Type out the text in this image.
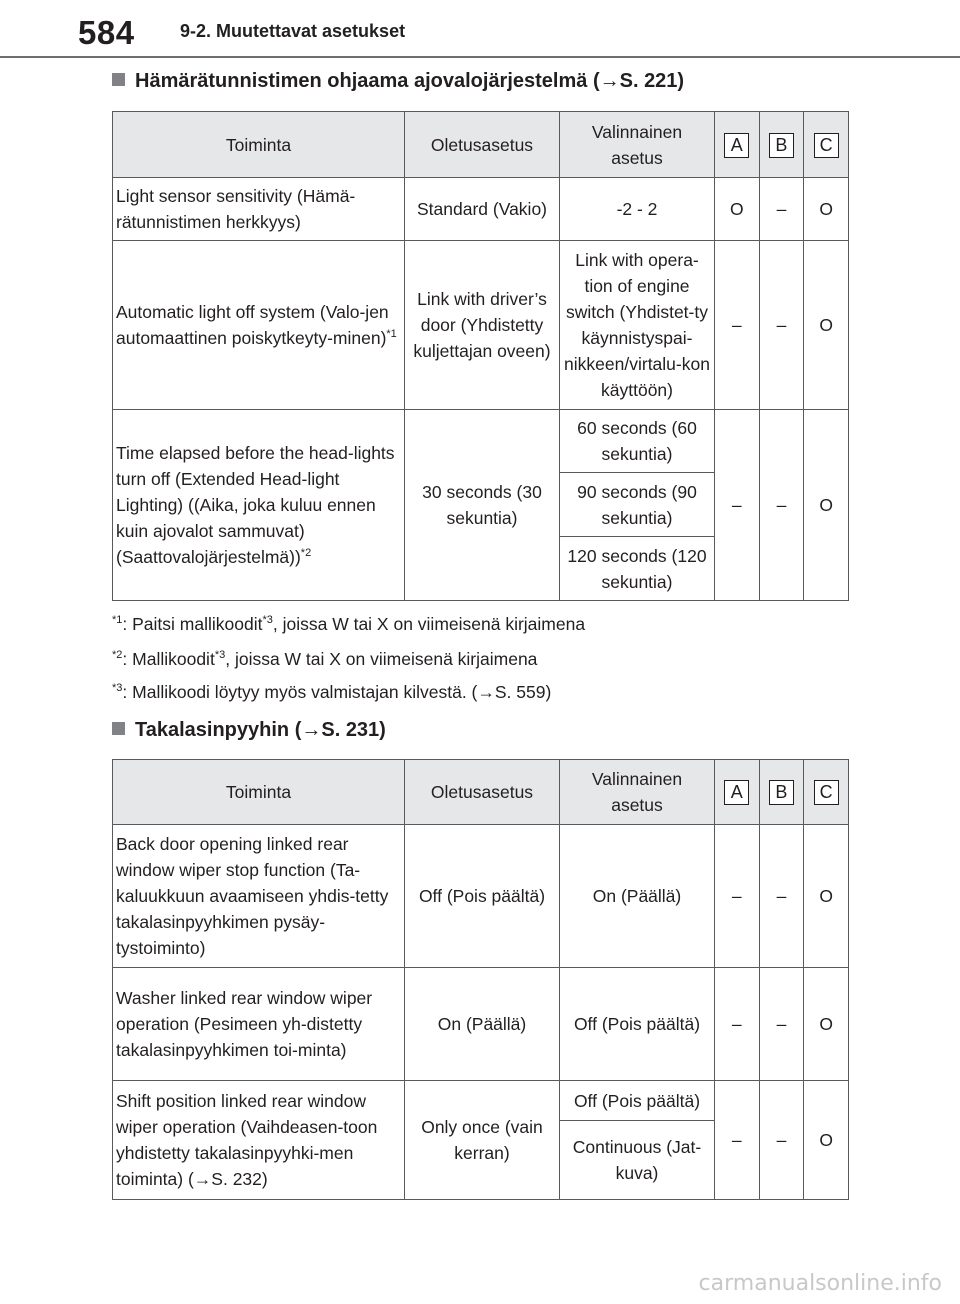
584	9-2. Muutettavat asetukset
Hämärätunnistimen ohjaama ajovalojärjestelmä (→S. 221)
Toiminta	Oletusasetus	Valinnainen asetus	A	B	C
Light sensor sensitivity (Hämä-rätunnistimen herkkyys)	Standard (Vakio)	-2 - 2	O	–	O
Automatic light off system (Valo-jen automaattinen poiskytkeyty-minen)$^{*1}$	Link with driver’s door (Yhdistetty kuljettajan oveen)	Link with opera-tion of engine switch (Yhdistet-ty käynnistyspai-nikkeen/virtalu-kon käyttöön)	–	–	O
Time elapsed before the head-lights turn off (Extended Head-light Lighting) ((Aika, joka kuluu ennen kuin ajovalot sammuvat) (Saattovalojärjestelmä))$^{*2}$	30 seconds (30 sekuntia)	60 seconds (60 sekuntia)	–	–	O
		90 seconds (90 sekuntia)			
		120 seconds (120 sekuntia)			
$^{*1}$: Paitsi mallikoodit$^{*3}$, joissa W tai X on viimeisenä kirjaimena
$^{*2}$: Mallikoodit$^{*3}$, joissa W tai X on viimeisenä kirjaimena
$^{*3}$: Mallikoodi löytyy myös valmistajan kilvestä. (→S. 559)
Takalasinpyyhin (→S. 231)
Toiminta	Oletusasetus	Valinnainen asetus	A	B	C
Back door opening linked rear window wiper stop function (Ta-kaluukkuun avaamiseen yhdis-tetty takalasinpyyhkimen pysäy-tystoiminto)	Off (Pois päältä)	On (Päällä)	–	–	O
Washer linked rear window wiper operation (Pesimeen yh-distetty takalasinpyyhkimen toi-minta)	On (Päällä)	Off (Pois päältä)	–	–	O
Shift position linked rear window wiper operation (Vaihdeasen-toon yhdistetty takalasinpyyhki-men toiminta) (→S. 232)	Only once (vain kerran)	Off (Pois päältä)	–	–	O
		Continuous (Jat-kuva)			
carmanualsonline.info
